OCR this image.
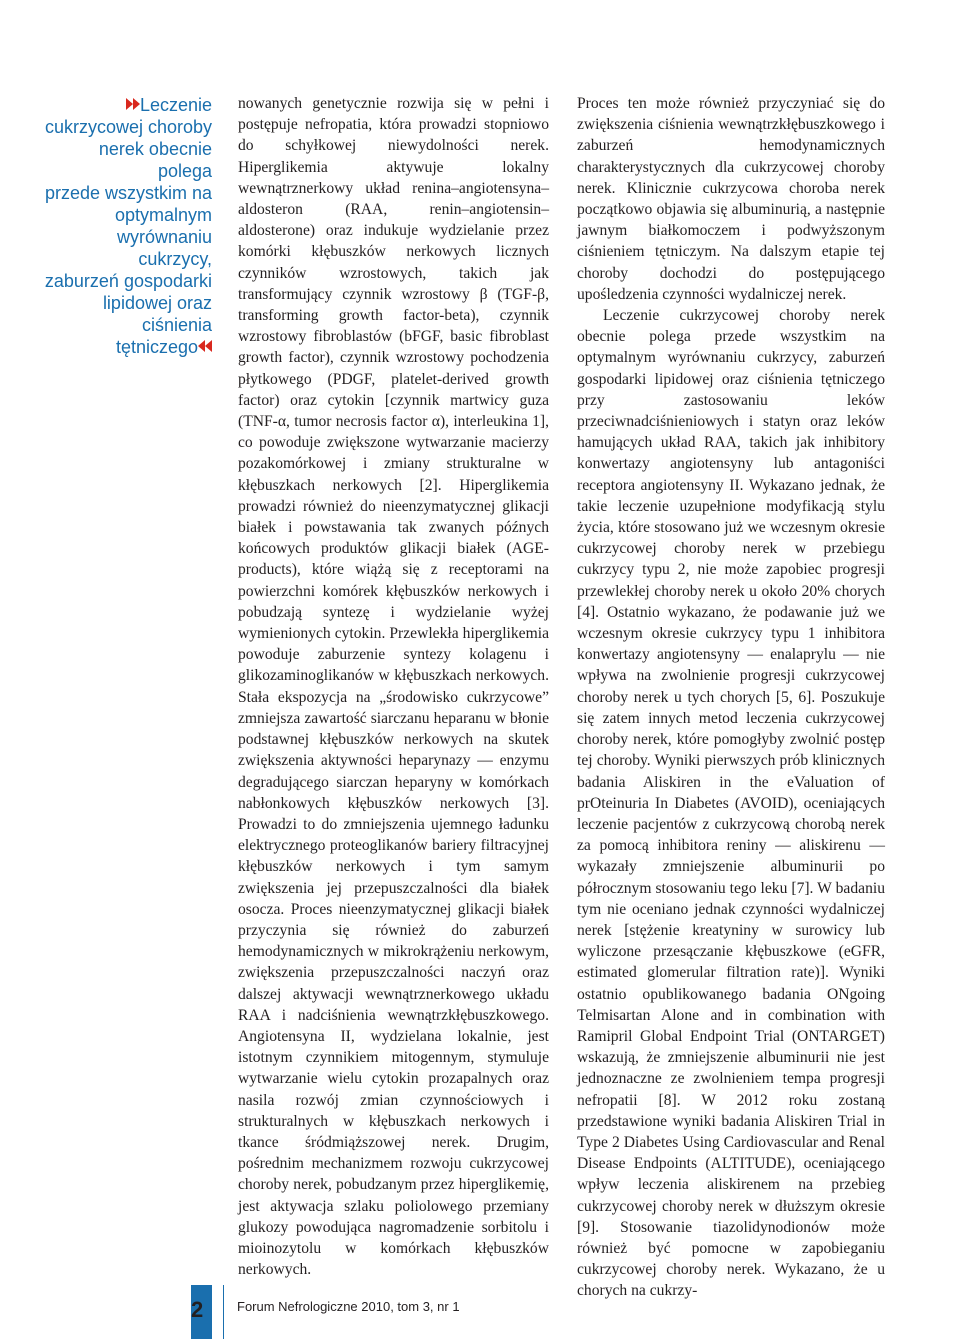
Leczenie
cukrzycowej choroby
nerek obecnie polega
przede wszystkim na
optymalnym
wyrównaniu cukrzycy,
zaburzeń gospodarki
lipidowej oraz ciśnienia
tętniczego

nowanych genetycznie rozwija się w pełni i postępuje nefropatia, która prowadzi stopniowo do schyłkowej niewydolności nerek. Hiperglikemia aktywuje lokalny wewnątrznerkowy układ renina–angiotensyna–aldosteron (RAA, renin–angiotensin–aldosterone) oraz indukuje wydzielanie przez komórki kłębuszków nerkowych licznych czynników wzrostowych, takich jak transformujący czynnik wzrostowy β (TGF-β, transforming growth factor-beta), czynnik wzrostowy fibroblastów (bFGF, basic fibroblast growth factor), czynnik wzrostowy pochodzenia płytkowego (PDGF, platelet-derived growth factor) oraz cytokin [czynnik martwicy guza (TNF-α, tumor necrosis factor α), interleukina 1], co powoduje zwiększone wytwarzanie macierzy pozakomórkowej i zmiany strukturalne w kłębuszkach nerkowych [2]. Hiperglikemia prowadzi również do nieenzymatycznej glikacji białek i powstawania tak zwanych późnych końcowych produktów glikacji białek (AGE-products), które wiążą się z receptorami na powierzchni komórek kłębuszków nerkowych i pobudzają syntezę i wydzielanie wyżej wymienionych cytokin. Przewlekła hiperglikemia powoduje zaburzenie syntezy kolagenu i glikozaminoglikanów w kłębuszkach nerkowych. Stała ekspozycja na „środowisko cukrzycowe” zmniejsza zawartość siarczanu heparanu w błonie podstawnej kłębuszków nerkowych na skutek zwiększenia aktywności heparynazy — enzymu degradującego siarczan heparyny w komórkach nabłonkowych kłębuszków nerkowych [3]. Prowadzi to do zmniejszenia ujemnego ładunku elektrycznego proteoglikanów bariery filtracyjnej kłębuszków nerkowych i tym samym zwiększenia jej przepuszczalności dla białek osocza. Proces nieenzymatycznej glikacji białek przyczynia się również do zaburzeń hemodynamicznych w mikrokrążeniu nerkowym, zwiększenia przepuszczalności naczyń oraz dalszej aktywacji wewnątrznerkowego układu RAA i nadciśnienia wewnątrzkłębuszkowego. Angiotensyna II, wydzielana lokalnie, jest istotnym czynnikiem mitogennym, stymuluje wytwarzanie wielu cytokin prozapalnych oraz nasila rozwój zmian czynnościowych i strukturalnych w kłębuszkach nerkowych i tkance śródmiąższowej nerek. Drugim, pośrednim mechanizmem rozwoju cukrzycowej choroby nerek, pobudzanym przez hiperglikemię, jest aktywacja szlaku poliolowego przemiany glukozy powodująca nagromadzenie sorbitolu i mioinozytolu w komórkach kłębuszków nerkowych.

Proces ten może również przyczyniać się do zwiększenia ciśnienia wewnątrzkłębuszkowego i zaburzeń hemodynamicznych charakterystycznych dla cukrzycowej choroby nerek. Klinicznie cukrzycowa choroba nerek początkowo objawia się albuminurią, a następnie jawnym białkomoczem i podwyższonym ciśnieniem tętniczym. Na dalszym etapie tej choroby dochodzi do postępującego upośledzenia czynności wydalniczej nerek.

Leczenie cukrzycowej choroby nerek obecnie polega przede wszystkim na optymalnym wyrównaniu cukrzycy, zaburzeń gospodarki lipidowej oraz ciśnienia tętniczego przy zastosowaniu leków przeciwnadciśnieniowych i statyn oraz leków hamujących układ RAA, takich jak inhibitory konwertazy angiotensyny lub antagoniści receptora angiotensyny II. Wykazano jednak, że takie leczenie uzupełnione modyfikacją stylu życia, które stosowano już we wczesnym okresie cukrzycowej choroby nerek w przebiegu cukrzycy typu 2, nie może zapobiec progresji przewlekłej choroby nerek u około 20% chorych [4]. Ostatnio wykazano, że podawanie już we wczesnym okresie cukrzycy typu 1 inhibitora konwertazy angiotensyny — enalaprylu — nie wpływa na zwolnienie progresji cukrzycowej choroby nerek u tych chorych [5, 6]. Poszukuje się zatem innych metod leczenia cukrzycowej choroby nerek, które pomogłyby zwolnić postęp tej choroby. Wyniki pierwszych prób klinicznych badania Aliskiren in the eValuation of prOteinuria In Diabetes (AVOID), oceniających leczenie pacjentów z cukrzycową chorobą nerek za pomocą inhibitora reniny — aliskirenu — wykazały zmniejszenie albuminurii po półrocznym stosowaniu tego leku [7]. W badaniu tym nie oceniano jednak czynności wydalniczej nerek [stężenie kreatyniny w surowicy lub wyliczone przesączanie kłębuszkowe (eGFR, estimated glomerular filtration rate)]. Wyniki ostatnio opublikowanego badania ONgoing Telmisartan Alone and in combination with Ramipril Global Endpoint Trial (ONTARGET) wskazują, że zmniejszenie albuminurii nie jest jednoznaczne ze zwolnieniem tempa progresji nefropatii [8]. W 2012 roku zostaną przedstawione wyniki badania Aliskiren Trial in Type 2 Diabetes Using Cardiovascular and Renal Disease Endpoints (ALTITUDE), oceniającego wpływ leczenia aliskirenem na przebieg cukrzycowej choroby nerek w dłuższym okresie [9]. Stosowanie tiazolidynodionów może również być pomocne w zapobieganiu cukrzycowej choroby nerek. Wykazano, że u chorych na cukrzy-

2	Forum Nefrologiczne 2010, tom 3, nr 1
